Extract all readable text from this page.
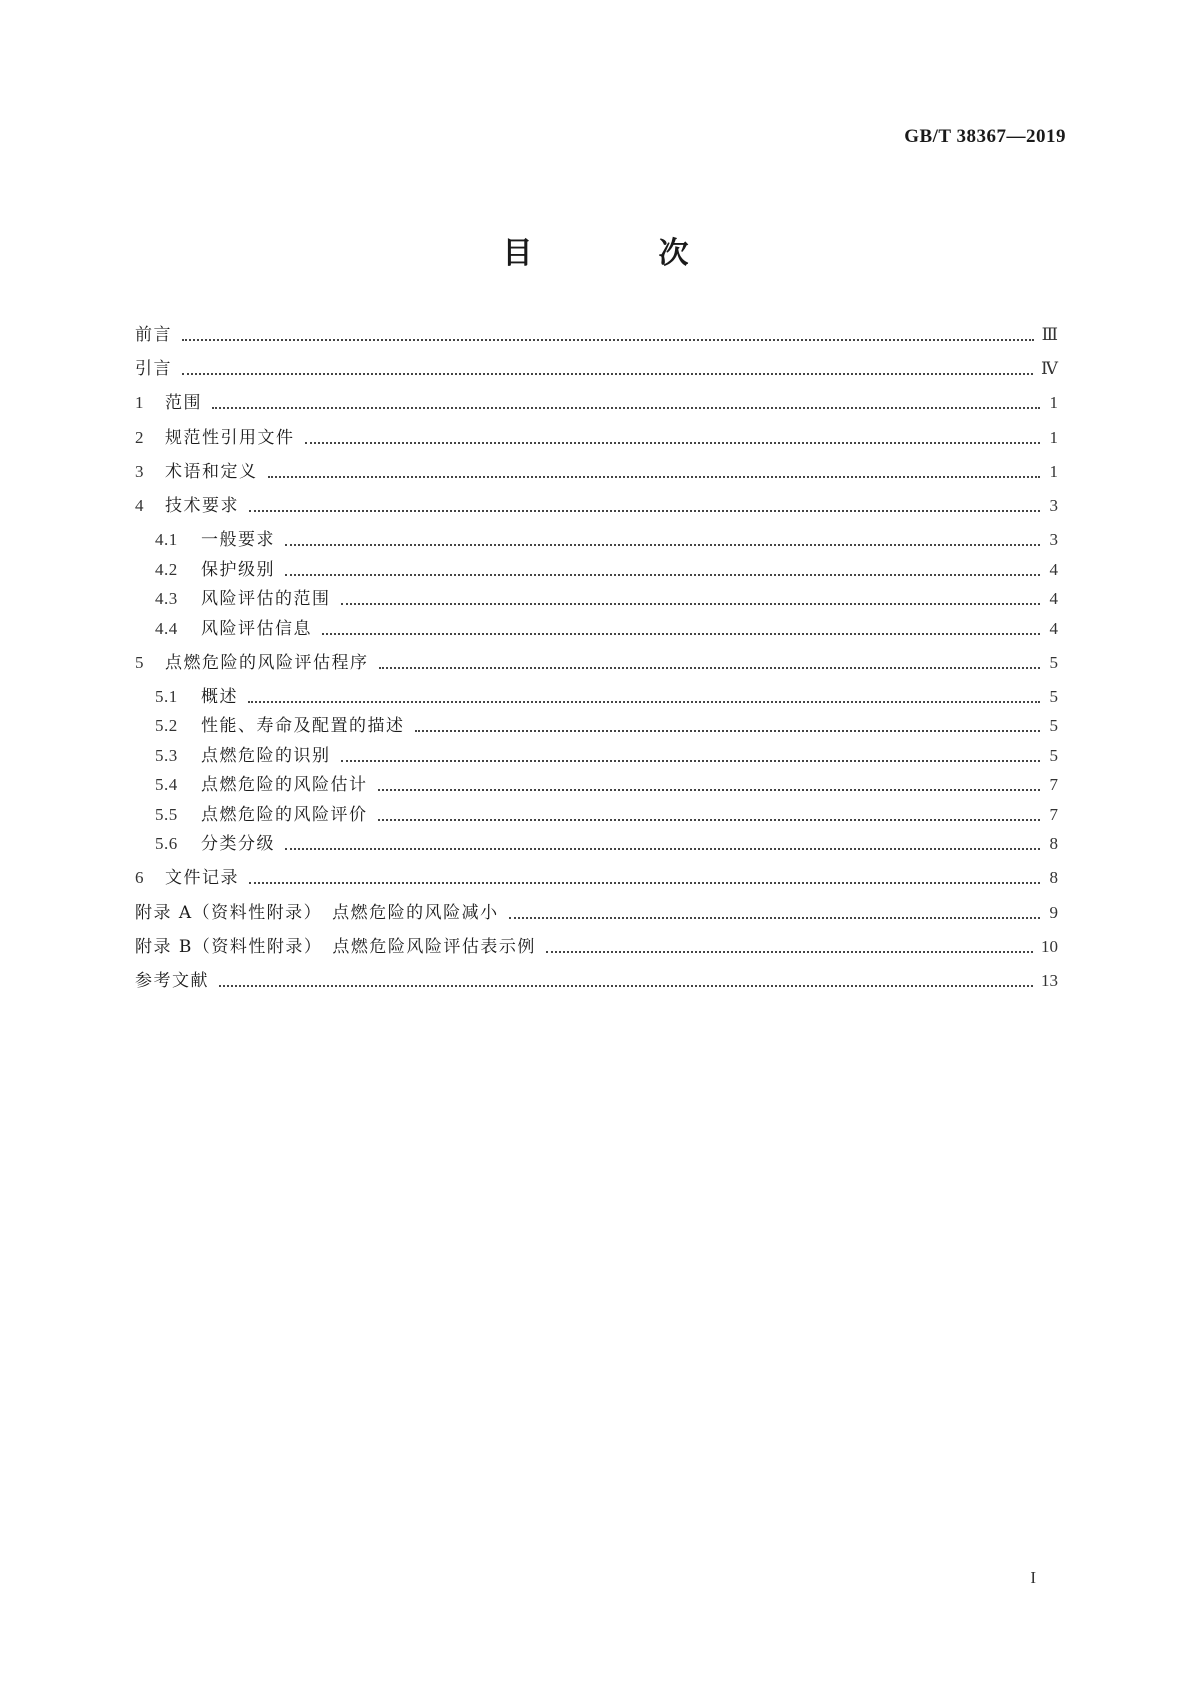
GB/T 38367—2019
目　次
前言	Ⅲ
引言	Ⅳ
1	范围	1
2	规范性引用文件	1
3	术语和定义	1
4	技术要求	3
4.1	一般要求	3
4.2	保护级别	4
4.3	风险评估的范围	4
4.4	风险评估信息	4
5	点燃危险的风险评估程序	5
5.1	概述	5
5.2	性能、寿命及配置的描述	5
5.3	点燃危险的识别	5
5.4	点燃危险的风险估计	7
5.5	点燃危险的风险评价	7
5.6	分类分级	8
6	文件记录	8
附录 A（资料性附录）　点燃危险的风险减小	9
附录 B（资料性附录）　点燃危险风险评估表示例	10
参考文献	13
I
